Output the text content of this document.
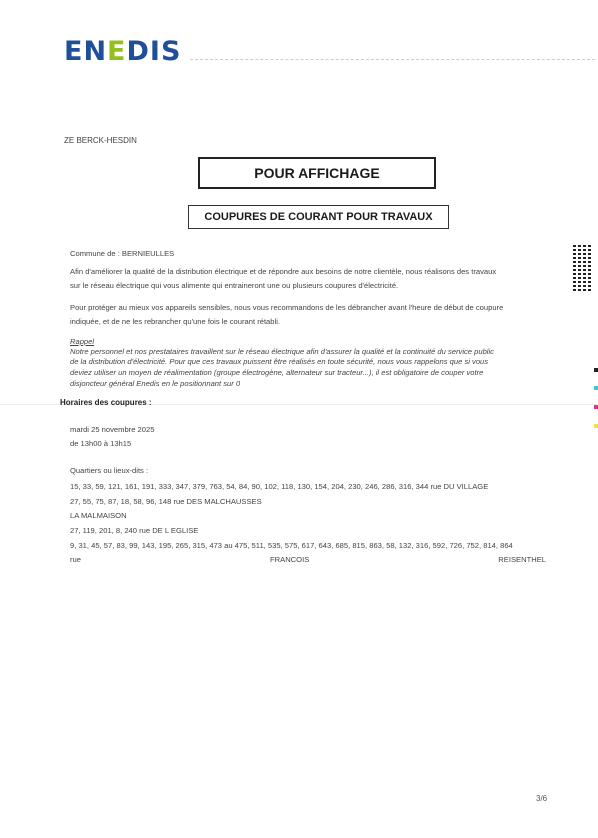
ENEDIS
ZE BERCK-HESDIN
POUR AFFICHAGE
COUPURES DE COURANT POUR TRAVAUX
Commune de : BERNIEULLES
Afin d'améliorer la qualité de la distribution électrique et de répondre aux besoins de notre clientèle, nous réalisons des travaux
sur le réseau électrique qui vous alimente qui entraineront une ou plusieurs coupures d'électricité.
Pour protéger au mieux vos appareils sensibles, nous vous recommandons de les débrancher avant l'heure de début de coupure
indiquée, et de ne les rebrancher qu'une fois le courant rétabli.
Rappel
Notre personnel et nos prestataires travaillent sur le réseau électrique afin d'assurer la qualité et la continuité du service public
de la distribution d'électricité. Pour que ces travaux puissent être réalisés en toute sécurité, nous vous rappelons que si vous
deviez utiliser un moyen de réalimentation (groupe électrogène, alternateur sur tracteur...), il est obligatoire de couper votre
disjoncteur général Enedis en le positionnant sur 0
Horaires des coupures :
mardi 25 novembre 2025
de 13h00 à 13h15
Quartiers ou lieux-dits :
15, 33, 59, 121, 161, 191, 333, 347, 379, 763, 54, 84, 90, 102, 118, 130, 154, 204, 230, 246, 286, 316, 344 rue DU VILLAGE
27, 55, 75, 87, 18, 58, 96, 148 rue DES MALCHAUSSES
LA MALMAISON
27, 119, 201, 8, 240 rue DE L EGLISE
9, 31, 45, 57, 83, 99, 143, 195, 265, 315, 473 au 475, 511, 535, 575, 617, 643, 685, 815, 863, 58, 132, 316, 592, 726, 752, 814, 864
rue	FRANCOIS	REISENTHEL
3/6
